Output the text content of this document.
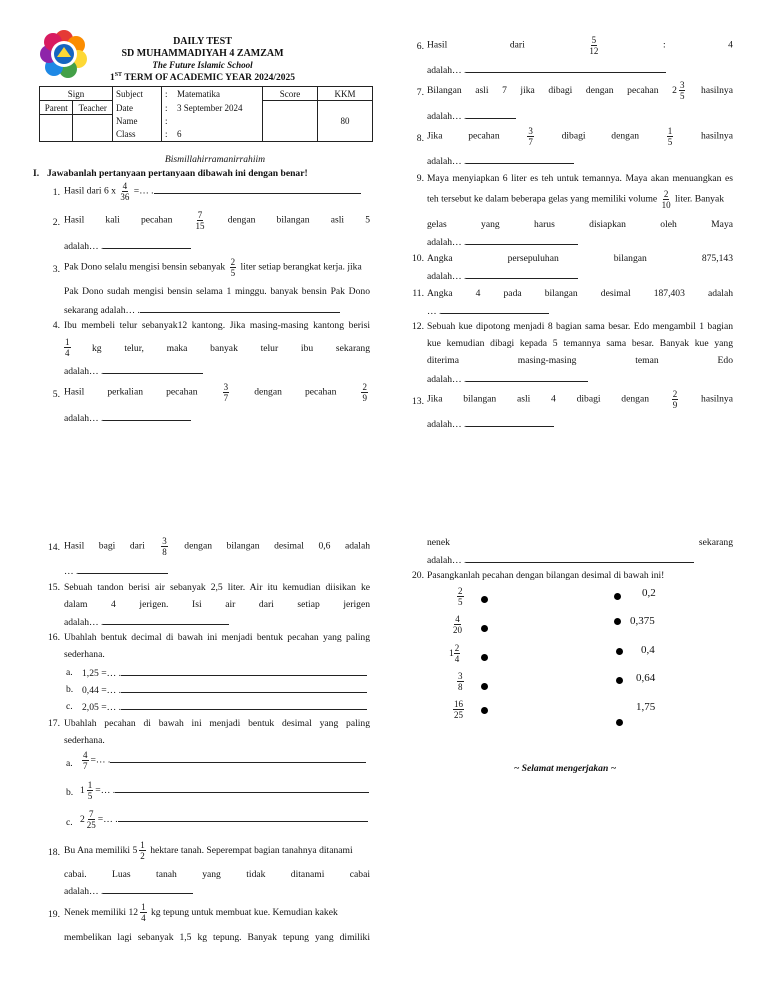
DAILY TEST
SD MUHAMMADIYAH 4 ZAMZAM
The Future Islamic School
1ST TERM OF ACADEMIC YEAR 2024/2025
Sign		Subject	:	Matematika	Score	KKM
Parent	Teacher	Date	:	3 September 2024		80
		Name	:			
		Class	:	6		
Bismillahirramanirrahiim
I. Jawabanlah pertanyaan pertanyaan dibawah ini dengan benar!
1. Hasil dari 6 x $\frac{4}{36}$ =… .
2. Hasil kali pecahan	$\frac{7}{15}$ dengan bilangan asli 5
adalah… .
3. Pak Dono selalu mengisi bensin sebanyak $\frac{2}{5}$ liter setiap berangkat kerja. jika
Pak Dono sudah mengisi bensin selama 1 minggu. banyak bensin Pak Dono
sekarang adalah… .
4. Ibu membeli telur sebanyak12 kantong. Jika masing-masing kantong berisi
$\frac{1}{4}$ kg telur, maka banyak telur ibu sekarang
adalah… .
5. Hasil perkalian pecahan	$\frac{3}{7}$	dengan pecahan	$\frac{2}{9}$
adalah… .
6. Hasil dari	$\frac{5}{12}$	: 4
adalah… .
7. Bilangan asli 7 jika dibagi dengan pecahan $2 \frac{3}{5}$ hasilnya
adalah… .
8. Jika pecahan	$\frac{3}{7}$	dibagi dengan	$\frac{1}{5}$	hasilnya
adalah… .
9. Maya menyiapkan 6 liter es teh untuk temannya. Maya akan menuangkan es
teh tersebut ke dalam beberapa gelas yang memiliki volume $\frac{2}{10}$ liter. Banyak
gelas yang harus disiapkan oleh Maya
adalah… .
10. Angka persepuluhan bilangan 875,143
adalah… .
11. Angka 4 pada bilangan desimal 187,403 adalah
… .
12. Sebuah kue dipotong menjadi 8 bagian sama besar. Edo mengambil 1 bagian
kue kemudian dibagi kepada 5 temannya sama besar. Banyak kue yang
diterima masing-masing teman Edo
adalah… .
13. Jika bilangan asli 4 dibagi dengan	$\frac{2}{9}$ hasilnya
adalah… .
14. Hasil bagi dari $\frac{3}{8}$ dengan bilangan desimal 0,6 adalah
… .
15. Sebuah tandon berisi air sebanyak 2,5 liter. Air itu kemudian diisikan ke
dalam 4 jerigen. Isi air dari setiap jerigen
adalah… .
16. Ubahlah bentuk decimal di bawah ini menjadi bentuk pecahan yang paling
sederhana.
a. 1,25 =… .
b. 0,44 =… .
c. 2,05 =… .
17. Ubahlah pecahan di bawah ini menjadi bentuk desimal yang paling
sederhana.
a. $\frac{4}{7}$ =… .
b. $1 \frac{1}{5}$ =… .
c. $2 \frac{7}{25}$ =… .
18. Bu Ana memiliki $5 \frac{1}{2}$ hektare tanah. Seperempat bagian tanahnya ditanami
cabai. Luas tanah yang tidak ditanami cabai
adalah… .
19. Nenek memiliki $12 \frac{1}{4}$ kg tepung untuk membuat kue. Kemudian kakek
membelikan lagi sebanyak 1,5 kg tepung. Banyak tepung yang dimiliki
nenek sekarang
adalah… .
20. Pasangkanlah pecahan dengan bilangan desimal di bawah ini!
$\frac{2}{5}$
$\frac{4}{20}$
$1 \frac{2}{4}$
$\frac{3}{8}$
$\frac{16}{25}$
0,2
0,375
0,4
0,64
1,75
~ Selamat mengerjakan ~
